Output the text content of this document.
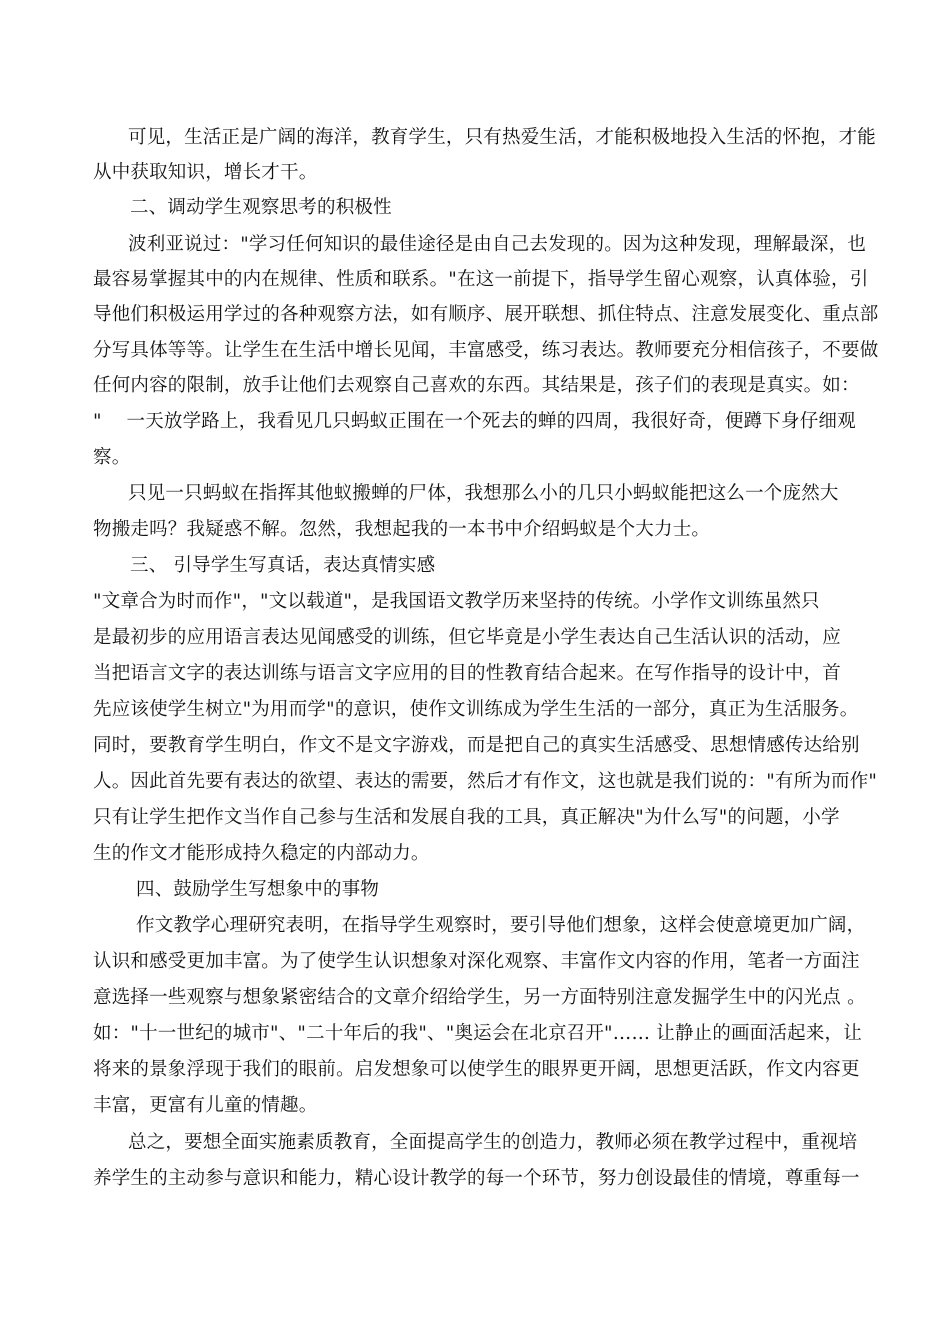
可见，生活正是广阔的海洋，教育学生，只有热爱生活，才能积极地投入生活的怀抱，才能
从中获取知识，增长才干。
二、调动学生观察思考的积极性
波利亚说过："学习任何知识的最佳途径是由自己去发现的。因为这种发现，理解最深，也
最容易掌握其中的内在规律、性质和联系。"在这一前提下，指导学生留心观察，认真体验，引
导他们积极运用学过的各种观察方法，如有顺序、展开联想、抓住特点、注意发展变化、重点部
分写具体等等。让学生在生活中增长见闻，丰富感受，练习表达。教师要充分相信孩子，不要做
任何内容的限制，放手让他们去观察自己喜欢的东西。其结果是，孩子们的表现是真实。如：
"　 一天放学路上，我看见几只蚂蚁正围在一个死去的蝉的四周，我很好奇，便蹲下身仔细观
察。
只见一只蚂蚁在指挥其他蚁搬蝉的尸体，我想那么小的几只小蚂蚁能把这么一个庞然大
物搬走吗？我疑惑不解。忽然，我想起我的一本书中介绍蚂蚁是个大力士。
三、 引导学生写真话，表达真情实感
"文章合为时而作"，"文以载道"，是我国语文教学历来坚持的传统。小学作文训练虽然只
是最初步的应用语言表达见闻感受的训练，但它毕竟是小学生表达自己生活认识的活动，应
当把语言文字的表达训练与语言文字应用的目的性教育结合起来。在写作指导的设计中，首
先应该使学生树立"为用而学"的意识，使作文训练成为学生生活的一部分，真正为生活服务。
同时，要教育学生明白，作文不是文字游戏，而是把自己的真实生活感受、思想情感传达给别
人。因此首先要有表达的欲望、表达的需要，然后才有作文，这也就是我们说的："有所为而作"
只有让学生把作文当作自己参与生活和发展自我的工具，真正解决"为什么写"的问题，小学
生的作文才能形成持久稳定的内部动力。
四、鼓励学生写想象中的事物
作文教学心理研究表明，在指导学生观察时，要引导他们想象，这样会使意境更加广阔，
认识和感受更加丰富。为了使学生认识想象对深化观察、丰富作文内容的作用，笔者一方面注
意选择一些观察与想象紧密结合的文章介绍给学生，另一方面特别注意发掘学生中的闪光点 。
如："十一世纪的城市"、"二十年后的我"、"奥运会在北京召开"…… 让静止的画面活起来，让
将来的景象浮现于我们的眼前。启发想象可以使学生的眼界更开阔，思想更活跃，作文内容更
丰富，更富有儿童的情趣。
总之，要想全面实施素质教育，全面提高学生的创造力，教师必须在教学过程中，重视培
养学生的主动参与意识和能力，精心设计教学的每一个环节，努力创设最佳的情境，尊重每一
